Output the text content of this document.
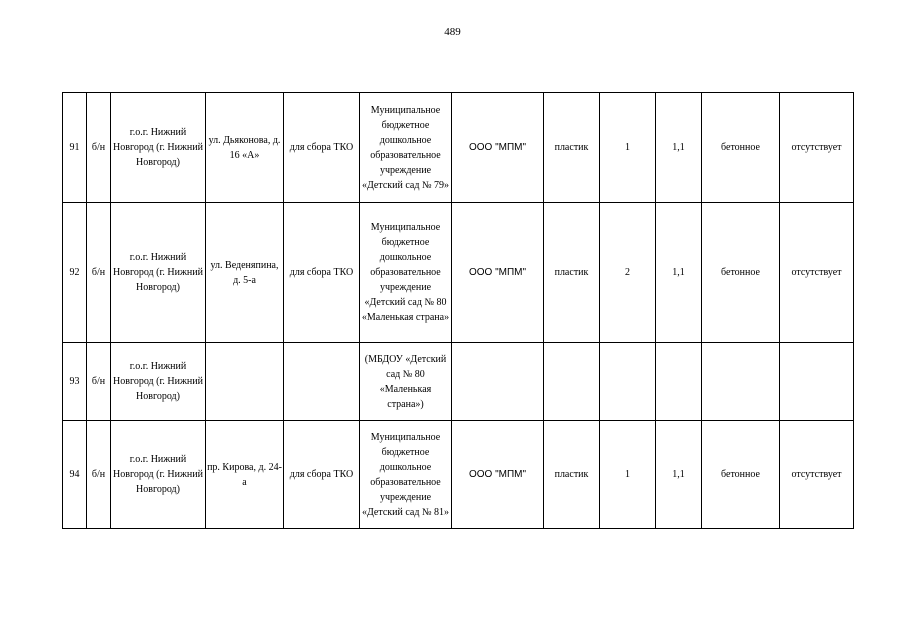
489
91	б/н	г.о.г. Нижний Новгород (г. Нижний Новгород)	ул. Дьяконова, д. 16 «А»	для сбора ТКО	Муниципальное бюджетное дошкольное образовательное учреждение «Детский сад № 79»	ООО "МПМ"	пластик	1	1,1	бетонное	отсутствует
92	б/н	г.о.г. Нижний Новгород (г. Нижний Новгород)	ул. Веденяпина, д. 5-а	для сбора ТКО	Муниципальное бюджетное дошкольное образовательное учреждение «Детский сад № 80 «Маленькая страна»	ООО "МПМ"	пластик	2	1,1	бетонное	отсутствует
93	б/н	г.о.г. Нижний Новгород (г. Нижний Новгород)			(МБДОУ «Детский сад № 80 «Маленькая страна»)						
94	б/н	г.о.г. Нижний Новгород (г. Нижний Новгород)	пр. Кирова, д. 24-а	для сбора ТКО	Муниципальное бюджетное дошкольное образовательное учреждение «Детский сад № 81»	ООО "МПМ"	пластик	1	1,1	бетонное	отсутствует
